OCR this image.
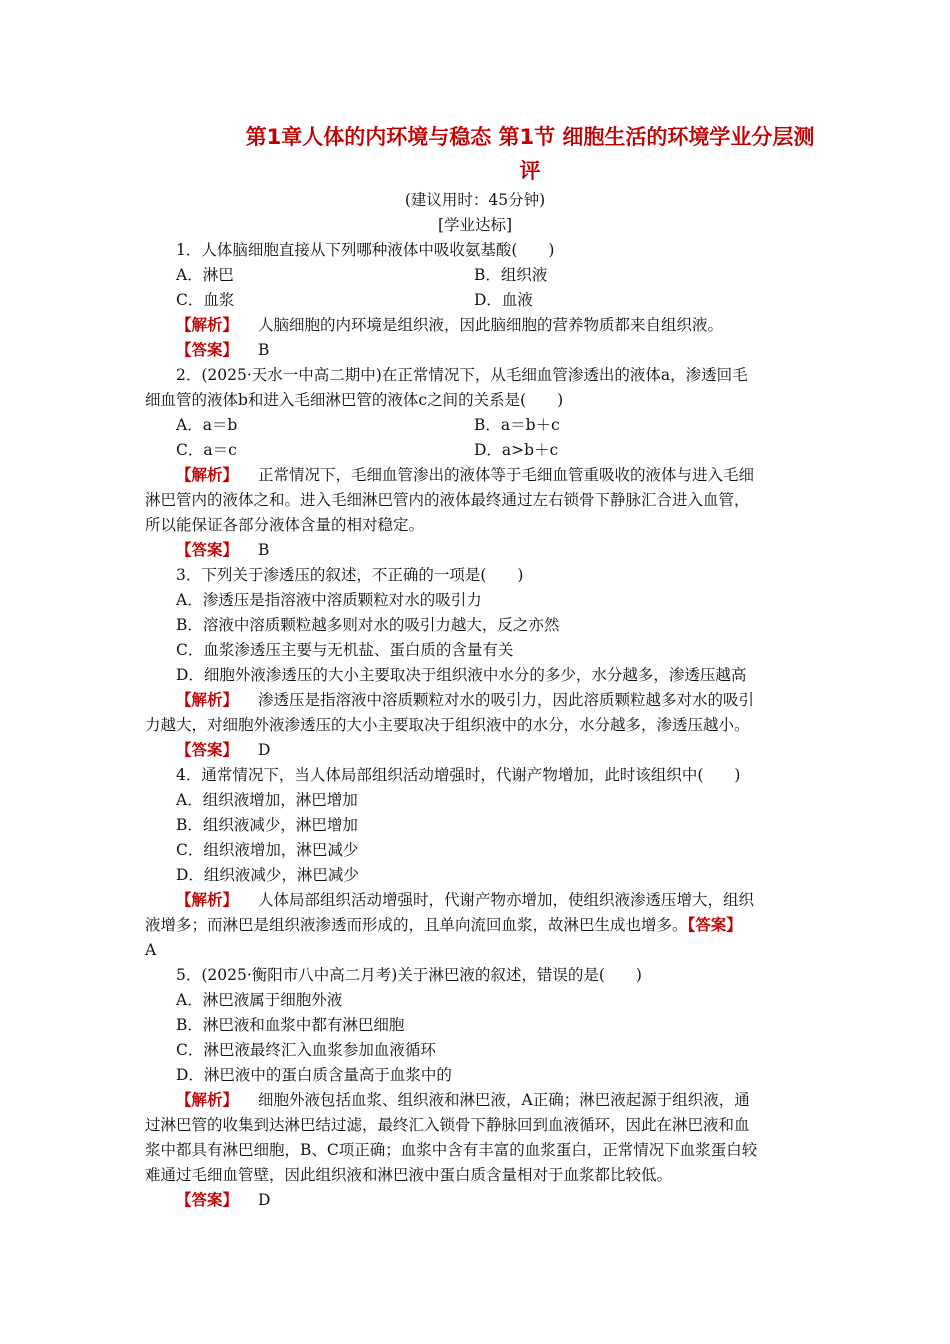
第1章人体的内环境与稳态 第1节 细胞生活的环境学业分层测
评
(建议用时：45分钟)
[学业达标]
1．人体脑细胞直接从下列哪种液体中吸收氨基酸(　　)
A．淋巴	B．组织液
C．血浆	D．血液
【解析】 人脑细胞的内环境是组织液，因此脑细胞的营养物质都来自组织液。
【答案】 B
2．(2025·天水一中高二期中)在正常情况下，从毛细血管渗透出的液体a，渗透回毛
细血管的液体b和进入毛细淋巴管的液体c之间的关系是(　　)
A．a＝b	B．a＝b＋c
C．a＝c	D．a>b＋c
【解析】 正常情况下，毛细血管渗出的液体等于毛细血管重吸收的液体与进入毛细
淋巴管内的液体之和。进入毛细淋巴管内的液体最终通过左右锁骨下静脉汇合进入血管，
所以能保证各部分液体含量的相对稳定。
【答案】 B
3．下列关于渗透压的叙述，不正确的一项是(　　)
A．渗透压是指溶液中溶质颗粒对水的吸引力
B．溶液中溶质颗粒越多则对水的吸引力越大，反之亦然
C．血浆渗透压主要与无机盐、蛋白质的含量有关
D．细胞外液渗透压的大小主要取决于组织液中水分的多少，水分越多，渗透压越高
【解析】 渗透压是指溶液中溶质颗粒对水的吸引力，因此溶质颗粒越多对水的吸引
力越大，对细胞外液渗透压的大小主要取决于组织液中的水分，水分越多，渗透压越小。
【答案】 D
4．通常情况下，当人体局部组织活动增强时，代谢产物增加，此时该组织中(　　)
A．组织液增加，淋巴增加
B．组织液减少，淋巴增加
C．组织液增加，淋巴减少
D．组织液减少，淋巴减少
【解析】 人体局部组织活动增强时，代谢产物亦增加，使组织液渗透压增大，组织
液增多；而淋巴是组织液渗透而形成的，且单向流回血浆，故淋巴生成也增多。【答案】
A
5．(2025·衡阳市八中高二月考)关于淋巴液的叙述，错误的是(　　)
A．淋巴液属于细胞外液
B．淋巴液和血浆中都有淋巴细胞
C．淋巴液最终汇入血浆参加血液循环
D．淋巴液中的蛋白质含量高于血浆中的
【解析】 细胞外液包括血浆、组织液和淋巴液，A正确；淋巴液起源于组织液，通
过淋巴管的收集到达淋巴结过滤，最终汇入锁骨下静脉回到血液循环，因此在淋巴液和血
浆中都具有淋巴细胞，B、C项正确；血浆中含有丰富的血浆蛋白，正常情况下血浆蛋白较
难通过毛细血管壁，因此组织液和淋巴液中蛋白质含量相对于血浆都比较低。
【答案】 D
